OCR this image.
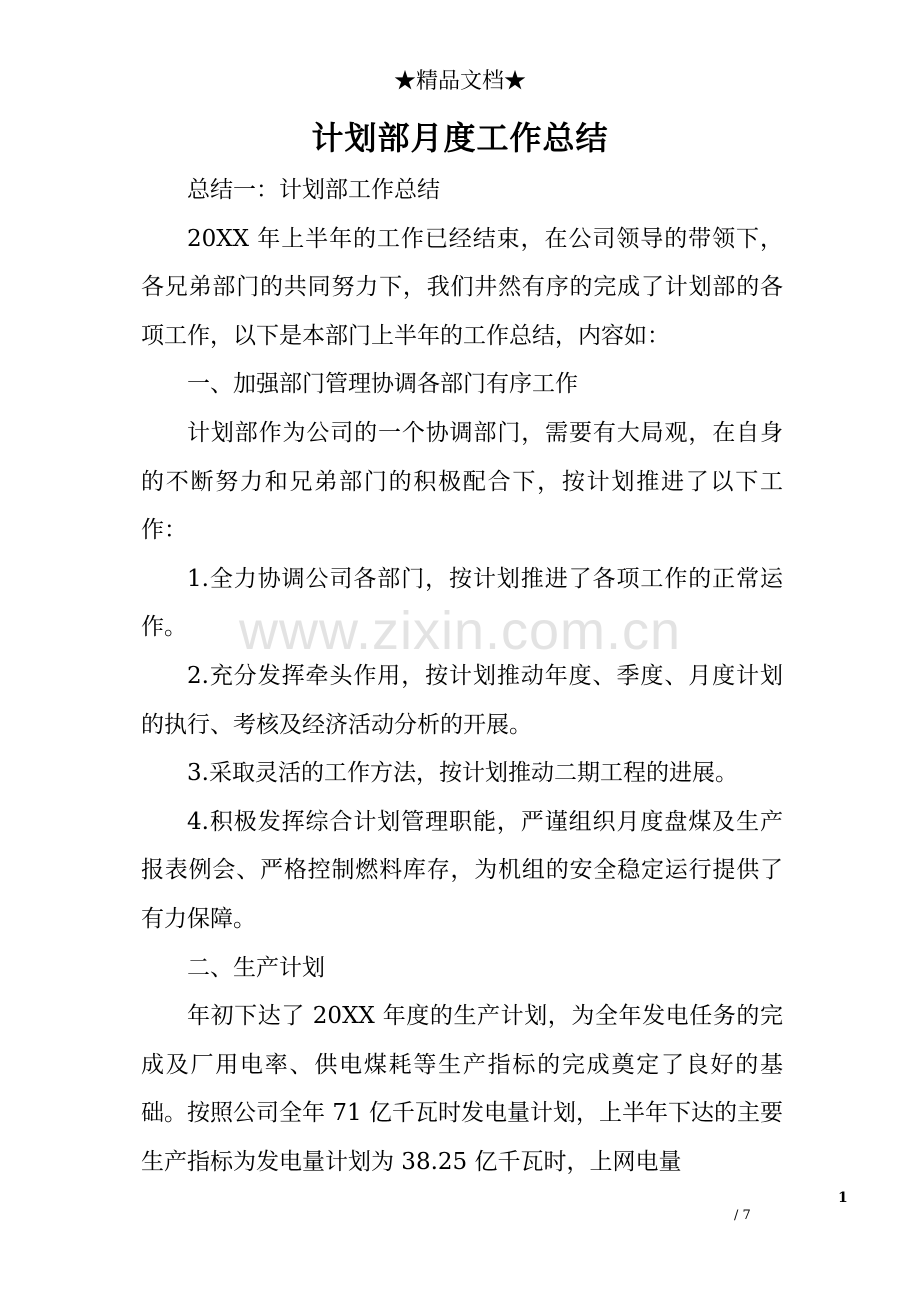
★精品文档★
计划部月度工作总结
www.zixin.com.cn

总结一：计划部工作总结

20XX 年上半年的工作已经结束，在公司领导的带领下，各兄弟部门的共同努力下，我们井然有序的完成了计划部的各项工作，以下是本部门上半年的工作总结，内容如：

一、加强部门管理协调各部门有序工作

计划部作为公司的一个协调部门，需要有大局观，在自身的不断努力和兄弟部门的积极配合下，按计划推进了以下工作：

1.全力协调公司各部门，按计划推进了各项工作的正常运作。

2.充分发挥牵头作用，按计划推动年度、季度、月度计划的执行、考核及经济活动分析的开展。

3.采取灵活的工作方法，按计划推动二期工程的进展。

4.积极发挥综合计划管理职能，严谨组织月度盘煤及生产报表例会、严格控制燃料库存，为机组的安全稳定运行提供了有力保障。

二、生产计划

年初下达了 20XX 年度的生产计划，为全年发电任务的完成及厂用电率、供电煤耗等生产指标的完成奠定了良好的基础。按照公司全年 71 亿千瓦时发电量计划，上半年下达的主要生产指标为发电量计划为 38.25 亿千瓦时，上网电量

1
/ 7
